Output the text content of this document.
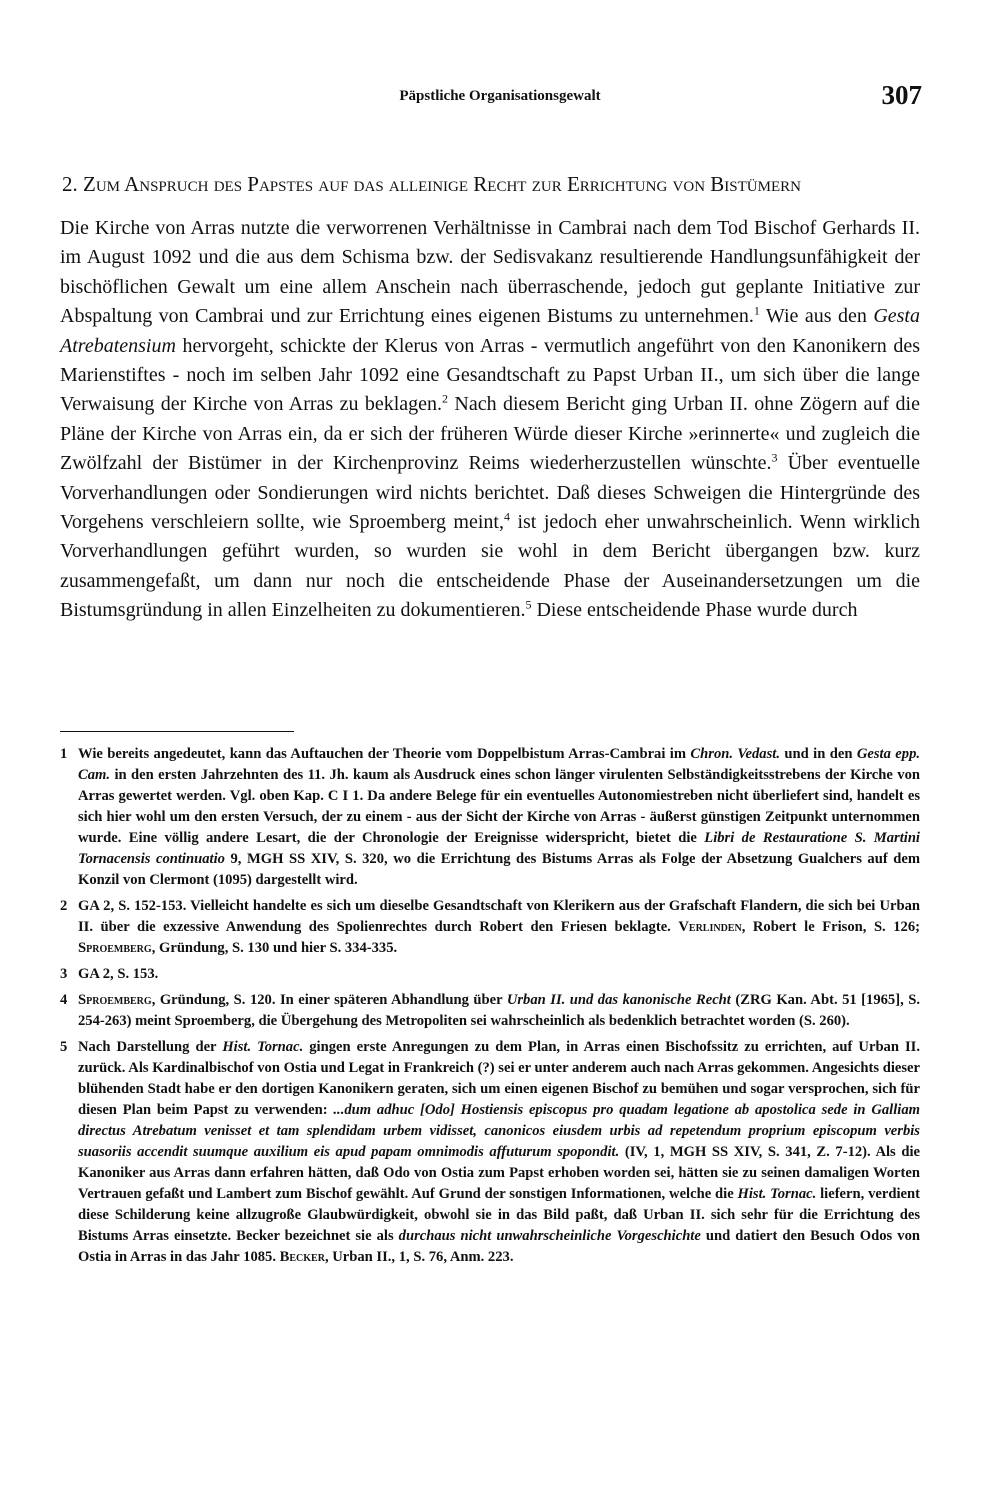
Päpstliche Organisationsgewalt	307
2. Zum Anspruch des Papstes auf das alleinige Recht zur Errichtung von Bistümern

Die Kirche von Arras nutzte die verworrenen Verhältnisse in Cambrai nach dem Tod Bischof Gerhards II. im August 1092 und die aus dem Schisma bzw. der Sedisvakanz resultierende Handlungsunfähigkeit der bischöflichen Gewalt um eine allem Anschein nach überraschende, jedoch gut geplante Initiative zur Abspaltung von Cambrai und zur Errichtung eines eigenen Bistums zu unternehmen.$^1$ Wie aus den Gesta Atrebatensium hervorgeht, schickte der Klerus von Arras - vermutlich angeführt von den Kanonikern des Marienstiftes - noch im selben Jahr 1092 eine Gesandtschaft zu Papst Urban II., um sich über die lange Verwaisung der Kirche von Arras zu beklagen.$^2$ Nach diesem Bericht ging Urban II. ohne Zögern auf die Pläne der Kirche von Arras ein, da er sich der früheren Würde dieser Kirche »erinnerte« und zugleich die Zwölfzahl der Bistümer in der Kirchenprovinz Reims wiederherzustellen wünschte.$^3$ Über eventuelle Vorverhandlungen oder Sondierungen wird nichts berichtet. Daß dieses Schweigen die Hintergründe des Vorgehens verschleiern sollte, wie Sproemberg meint,$^4$ ist jedoch eher unwahrscheinlich. Wenn wirklich Vorverhandlungen geführt wurden, so wurden sie wohl in dem Bericht übergangen bzw. kurz zusammengefaßt, um dann nur noch die entscheidende Phase der Auseinandersetzungen um die Bistumsgründung in allen Einzelheiten zu dokumentieren.$^5$ Diese entscheidende Phase wurde durch

1 Wie bereits angedeutet, kann das Auftauchen der Theorie vom Doppelbistum Arras-Cambrai im Chron. Vedast. und in den Gesta epp. Cam. in den ersten Jahrzehnten des 11. Jh. kaum als Ausdruck eines schon länger virulenten Selbständigkeitsstrebens der Kirche von Arras gewertet werden. Vgl. oben Kap. C I 1. Da andere Belege für ein eventuelles Autonomiestreben nicht überliefert sind, handelt es sich hier wohl um den ersten Versuch, der zu einem - aus der Sicht der Kirche von Arras - äußerst günstigen Zeitpunkt unternommen wurde. Eine völlig andere Lesart, die der Chronologie der Ereignisse widerspricht, bietet die Libri de Restauratione S. Martini Tornacensis continuatio 9, MGH SS XIV, S. 320, wo die Errichtung des Bistums Arras als Folge der Absetzung Gualchers auf dem Konzil von Clermont (1095) dargestellt wird.
2 GA 2, S. 152-153. Vielleicht handelte es sich um dieselbe Gesandtschaft von Klerikern aus der Grafschaft Flandern, die sich bei Urban II. über die exzessive Anwendung des Spolienrechtes durch Robert den Friesen beklagte. Verlinden, Robert le Frison, S. 126; Sproemberg, Gründung, S. 130 und hier S. 334-335.
3 GA 2, S. 153.
4 Sproemberg, Gründung, S. 120. In einer späteren Abhandlung über Urban II. und das kanonische Recht (ZRG Kan. Abt. 51 [1965], S. 254-263) meint Sproemberg, die Übergehung des Metropoliten sei wahrscheinlich als bedenklich betrachtet worden (S. 260).
5 Nach Darstellung der Hist. Tornac. gingen erste Anregungen zu dem Plan, in Arras einen Bischofssitz zu errichten, auf Urban II. zurück. Als Kardinalbischof von Ostia und Legat in Frankreich (?) sei er unter anderem auch nach Arras gekommen. Angesichts dieser blühenden Stadt habe er den dortigen Kanonikern geraten, sich um einen eigenen Bischof zu bemühen und sogar versprochen, sich für diesen Plan beim Papst zu verwenden: ...dum adhuc [Odo] Hostiensis episcopus pro quadam legatione ab apostolica sede in Galliam directus Atrebatum venisset et tam splendidam urbem vidisset, canonicos eiusdem urbis ad repetendum proprium episcopum verbis suasoriis accendit suumque auxilium eis apud papam omnimodis affuturum spopondit. (IV, 1, MGH SS XIV, S. 341, Z. 7-12). Als die Kanoniker aus Arras dann erfahren hätten, daß Odo von Ostia zum Papst erhoben worden sei, hätten sie zu seinen damaligen Worten Vertrauen gefaßt und Lambert zum Bischof gewählt. Auf Grund der sonstigen Informationen, welche die Hist. Tornac. liefern, verdient diese Schilderung keine allzugroße Glaubwürdigkeit, obwohl sie in das Bild paßt, daß Urban II. sich sehr für die Errichtung des Bistums Arras einsetzte. Becker bezeichnet sie als durchaus nicht unwahrscheinliche Vorgeschichte und datiert den Besuch Odos von Ostia in Arras in das Jahr 1085. Becker, Urban II., 1, S. 76, Anm. 223.
